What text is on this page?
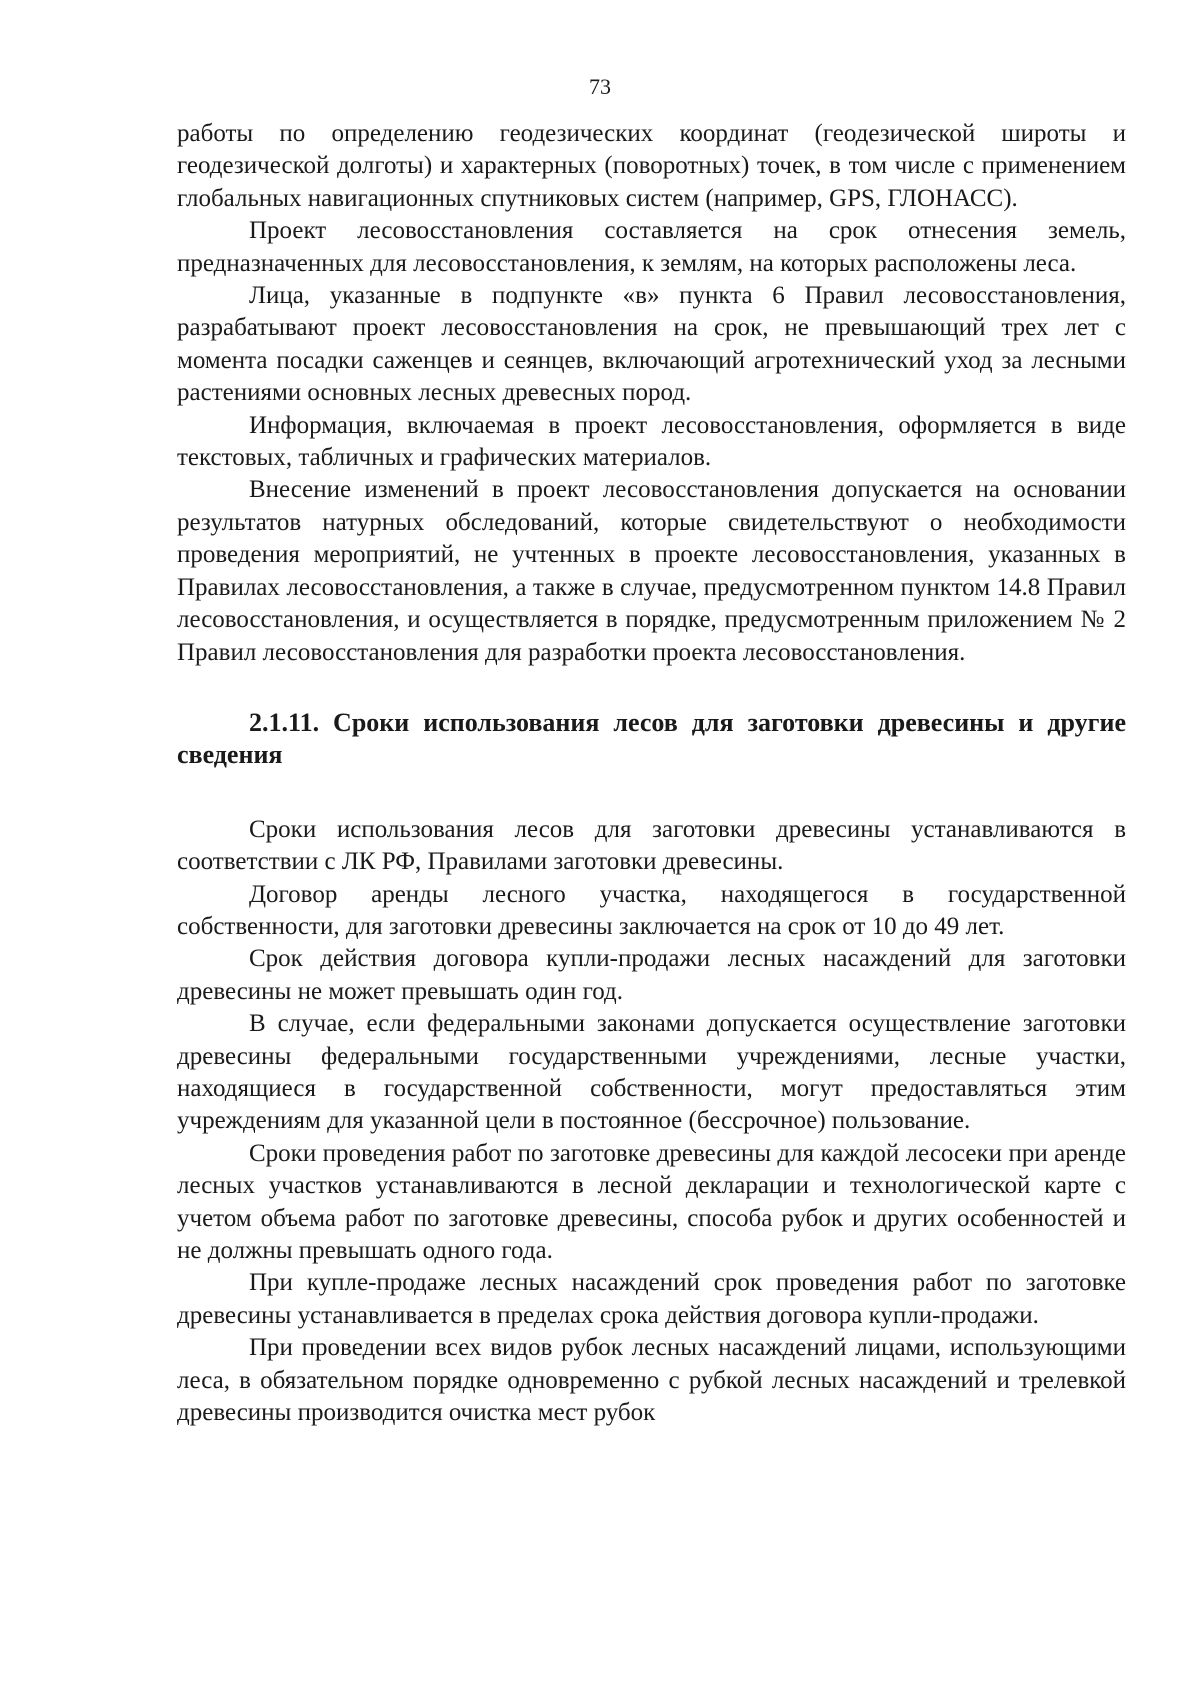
73

работы по определению геодезических координат (геодезической широты и геодезической долготы) и характерных (поворотных) точек, в том числе с применением глобальных навигационных спутниковых систем (например, GPS, ГЛОНАСС).

Проект лесовосстановления составляется на срок отнесения земель, предназначенных для лесовосстановления, к землям, на которых расположены леса.

Лица, указанные в подпункте «в» пункта 6 Правил лесовосстановления, разрабатывают проект лесовосстановления на срок, не превышающий трех лет с момента посадки саженцев и сеянцев, включающий агротехнический уход за лесными растениями основных лесных древесных пород.

Информация, включаемая в проект лесовосстановления, оформляется в виде текстовых, табличных и графических материалов.

Внесение изменений в проект лесовосстановления допускается на основании результатов натурных обследований, которые свидетельствуют о необходимости проведения мероприятий, не учтенных в проекте лесовосстановления, указанных в Правилах лесовосстановления, а также в случае, предусмотренном пунктом 14.8 Правил лесовосстановления, и осуществляется в порядке, предусмотренным приложением № 2 Правил лесовосстановления для разработки проекта лесовосстановления.

2.1.11. Сроки использования лесов для заготовки древесины и другие сведения

Сроки использования лесов для заготовки древесины устанавливаются в соответствии с ЛК РФ, Правилами заготовки древесины.

Договор аренды лесного участка, находящегося в государственной собственности, для заготовки древесины заключается на срок от 10 до 49 лет.

Срок действия договора купли-продажи лесных насаждений для заготовки древесины не может превышать один год.

В случае, если федеральными законами допускается осуществление заготовки древесины федеральными государственными учреждениями, лесные участки, находящиеся в государственной собственности, могут предоставляться этим учреждениям для указанной цели в постоянное (бессрочное) пользование.

Сроки проведения работ по заготовке древесины для каждой лесосеки при аренде лесных участков устанавливаются в лесной декларации и технологической карте с учетом объема работ по заготовке древесины, способа рубок и других особенностей и не должны превышать одного года.

При купле-продаже лесных насаждений срок проведения работ по заготовке древесины устанавливается в пределах срока действия договора купли-продажи.

При проведении всех видов рубок лесных насаждений лицами, использующими леса, в обязательном порядке одновременно с рубкой лесных насаждений и трелевкой древесины производится очистка мест рубок
